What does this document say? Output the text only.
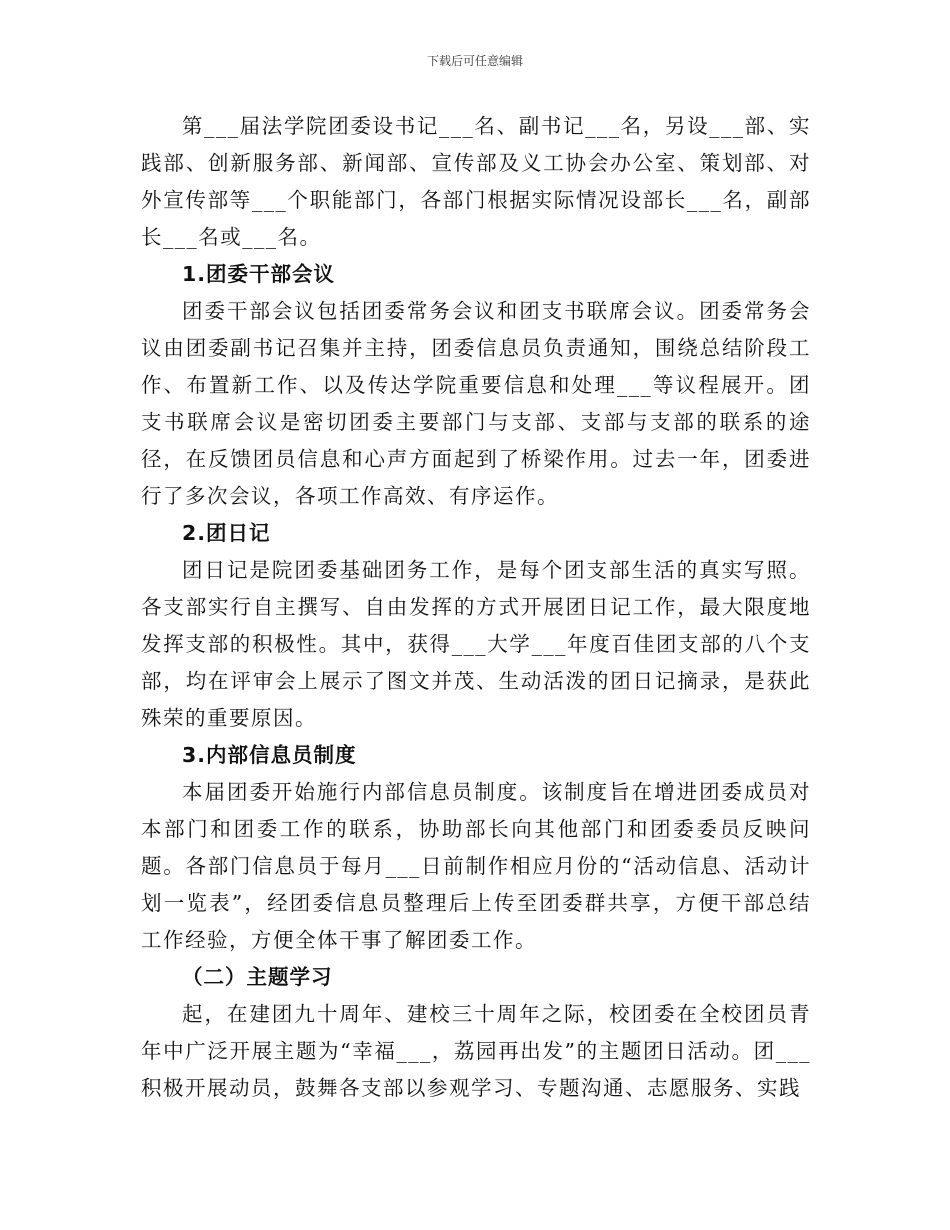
下载后可任意编辑

第___届法学院团委设书记___名、副书记___名，另设___部、实践部、创新服务部、新闻部、宣传部及义工协会办公室、策划部、对外宣传部等___个职能部门，各部门根据实际情况设部长___名，副部长___名或___名。

1.团委干部会议

团委干部会议包括团委常务会议和团支书联席会议。团委常务会议由团委副书记召集并主持，团委信息员负责通知，围绕总结阶段工作、布置新工作、以及传达学院重要信息和处理___等议程展开。团支书联席会议是密切团委主要部门与支部、支部与支部的联系的途径，在反馈团员信息和心声方面起到了桥梁作用。过去一年，团委进行了多次会议，各项工作高效、有序运作。

2.团日记

团日记是院团委基础团务工作，是每个团支部生活的真实写照。各支部实行自主撰写、自由发挥的方式开展团日记工作，最大限度地发挥支部的积极性。其中，获得___大学___年度百佳团支部的八个支部，均在评审会上展示了图文并茂、生动活泼的团日记摘录，是获此殊荣的重要原因。

3.内部信息员制度

本届团委开始施行内部信息员制度。该制度旨在增进团委成员对本部门和团委工作的联系，协助部长向其他部门和团委委员反映问题。各部门信息员于每月___日前制作相应月份的“活动信息、活动计划一览表”，经团委信息员整理后上传至团委群共享，方便干部总结工作经验，方便全体干事了解团委工作。

（二）主题学习

起，在建团九十周年、建校三十周年之际，校团委在全校团员青年中广泛开展主题为“幸福___，荔园再出发”的主题团日活动。团___积极开展动员，鼓舞各支部以参观学习、专题沟通、志愿服务、实践
